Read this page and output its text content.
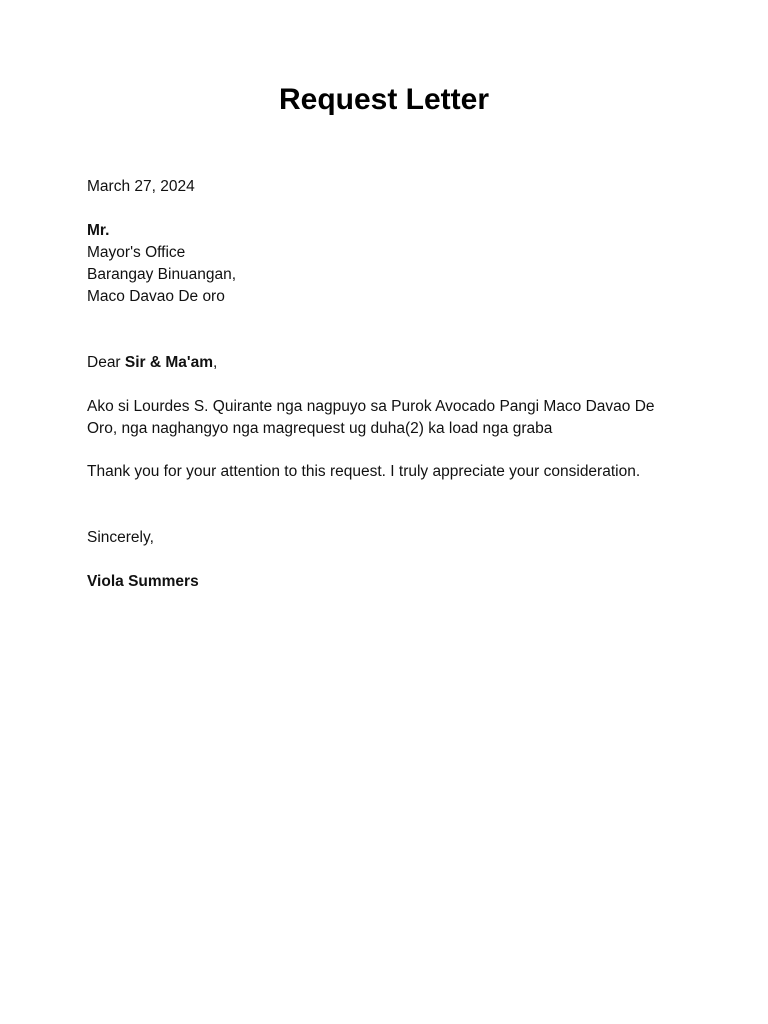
Request Letter

March 27, 2024

Mr.

Mayor's Office

Barangay Binuangan,

Maco Davao De oro

Dear Sir & Ma'am,

Ako si Lourdes S. Quirante nga nagpuyo sa Purok Avocado Pangi Maco Davao De

Oro, nga naghangyo nga magrequest ug duha(2) ka load nga graba

Thank you for your attention to this request. I truly appreciate your consideration.

Sincerely,

Viola Summers
